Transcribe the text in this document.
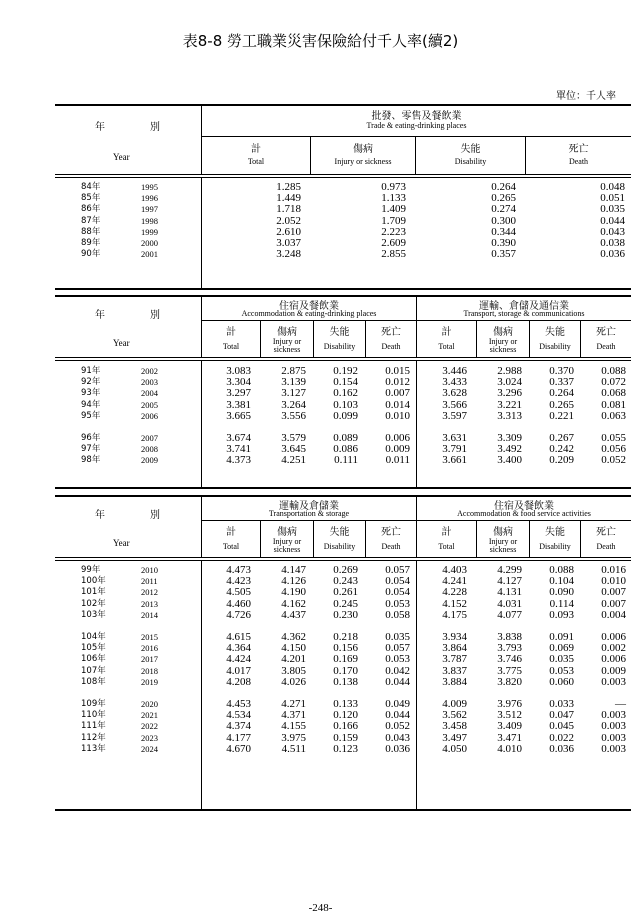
表8-8 勞工職業災害保險給付千人率(續2)
單位：千人率
年	別
Year
批發、零售及餐飲業
Trade & eating-drinking places
計
Total
傷病
Injury or sickness
失能
Disability
死亡
Death
84年	1995	1.285	0.973	0.264	0.048
85年	1996	1.449	1.133	0.265	0.051
86年	1997	1.718	1.409	0.274	0.035
87年	1998	2.052	1.709	0.300	0.044
88年	1999	2.610	2.223	0.344	0.043
89年	2000	3.037	2.609	0.390	0.038
90年	2001	3.248	2.855	0.357	0.036
年	別
Year
住宿及餐飲業
Accommodation & eating-drinking places
運輸、倉儲及通信業
Transport, storage & communications
計
Total
傷病
Injury or
sickness
失能
Disability
死亡
Death
計
Total
傷病
Injury or
sickness
失能
Disability
死亡
Death
91年	2002	3.083	2.875 0.192 0.015	3.446	2.988 0.370 0.088
92年	2003	3.304	3.139 0.154 0.012	3.433	3.024 0.337 0.072
93年	2004	3.297	3.127 0.162 0.007	3.628	3.296 0.264 0.068
94年	2005	3.381	3.264 0.103 0.014	3.566	3.221 0.265 0.081
95年	2006	3.665	3.556 0.099 0.010	3.597	3.313 0.221 0.063
96年	2007	3.674	3.579 0.089 0.006	3.631	3.309 0.267 0.055
97年	2008	3.741	3.645 0.086 0.009	3.791	3.492 0.242 0.056
98年	2009	4.373	4.251	0.111	0.011	3.661	3.400 0.209 0.052
年	別
Year
運輸及倉儲業
Transportation & storage
住宿及餐飲業
Accommodation & food service activities
計
Total
傷病
Injury or
sickness
失能
Disability
死亡
Death
計
Total
傷病
Injury or
sickness
失能
Disability
死亡
Death
99年	2010	4.473	4.147 0.269 0.057	4.403	4.299 0.088 0.016
100年	2011	4.423	4.126 0.243 0.054	4.241	4.127 0.104 0.010
101年	2012	4.505	4.190 0.261 0.054	4.228	4.131 0.090 0.007
102年	2013	4.460	4.162 0.245 0.053	4.152	4.031	0.114 0.007
103年	2014	4.726	4.437 0.230 0.058	4.175	4.077 0.093 0.004
104年	2015	4.615	4.362 0.218 0.035	3.934	3.838 0.091 0.006
105年	2016	4.364	4.150 0.156 0.057	3.864	3.793 0.069 0.002
106年	2017	4.424	4.201 0.169 0.053	3.787	3.746 0.035 0.006
107年	2018	4.017	3.805 0.170 0.042	3.837	3.775 0.053 0.009
108年	2019	4.208	4.026 0.138 0.044	3.884	3.820 0.060 0.003
109年	2020	4.453	4.271 0.133 0.049	4.009	3.976 0.033	—
110年	2021	4.534	4.371 0.120 0.044	3.562	3.512 0.047 0.003
111年	2022	4.374	4.155 0.166 0.052	3.458	3.409 0.045 0.003
112年	2023	4.177	3.975 0.159 0.043	3.497	3.471 0.022 0.003
113年	2024	4.670	4.511 0.123 0.036	4.050	4.010 0.036 0.003
-248-
